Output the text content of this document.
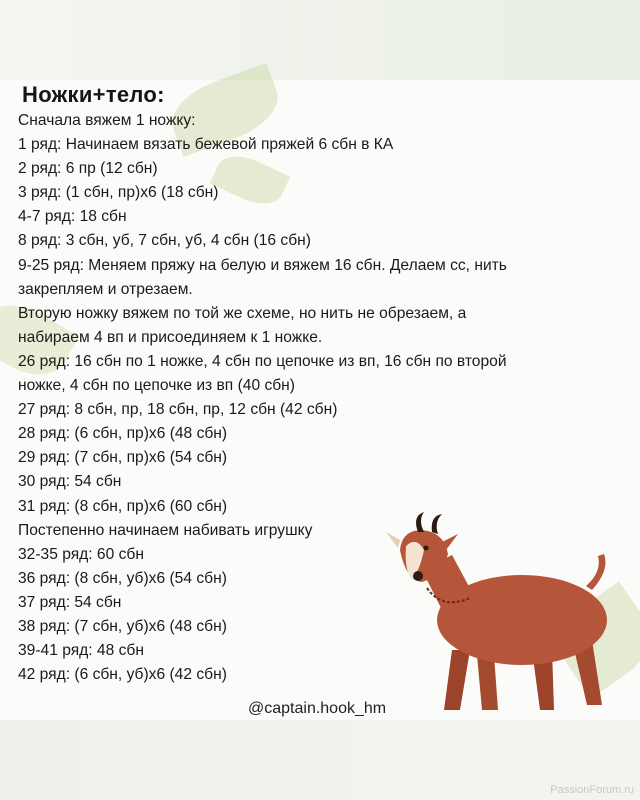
Ножки+тело:
Сначала вяжем 1 ножку:
1 ряд: Начинаем вязать бежевой пряжей 6 сбн в КА
2 ряд: 6 пр (12 сбн)
3 ряд: (1 сбн, пр)х6 (18 сбн)
4-7 ряд: 18 сбн
8 ряд: 3 сбн, уб, 7 сбн, уб, 4 сбн (16 сбн)
9-25 ряд: Меняем пряжу на белую и вяжем 16 сбн. Делаем сс, нить
закрепляем и отрезаем.
Вторую ножку вяжем по той же схеме, но нить не обрезаем, а
набираем 4 вп и присоединяем к 1 ножке.
26 ряд: 16 сбн по 1 ножке, 4 сбн по цепочке из вп, 16 сбн по второй
ножке, 4 сбн по цепочке из вп (40 сбн)
27 ряд: 8 сбн, пр, 18 сбн, пр, 12 сбн (42 сбн)
28 ряд: (6 сбн, пр)х6 (48 сбн)
29 ряд: (7 сбн, пр)х6 (54 сбн)
30 ряд: 54 сбн
31 ряд: (8 сбн, пр)х6 (60 сбн)
Постепенно начинаем набивать игрушку
32-35 ряд: 60 сбн
36 ряд: (8 сбн, уб)х6 (54 сбн)
37 ряд: 54 сбн
38 ряд: (7 сбн, уб)х6 (48 сбн)
39-41 ряд: 48 сбн
42 ряд: (6 сбн, уб)х6 (42 сбн)
@captain.hook_hm
PassionForum.ru
